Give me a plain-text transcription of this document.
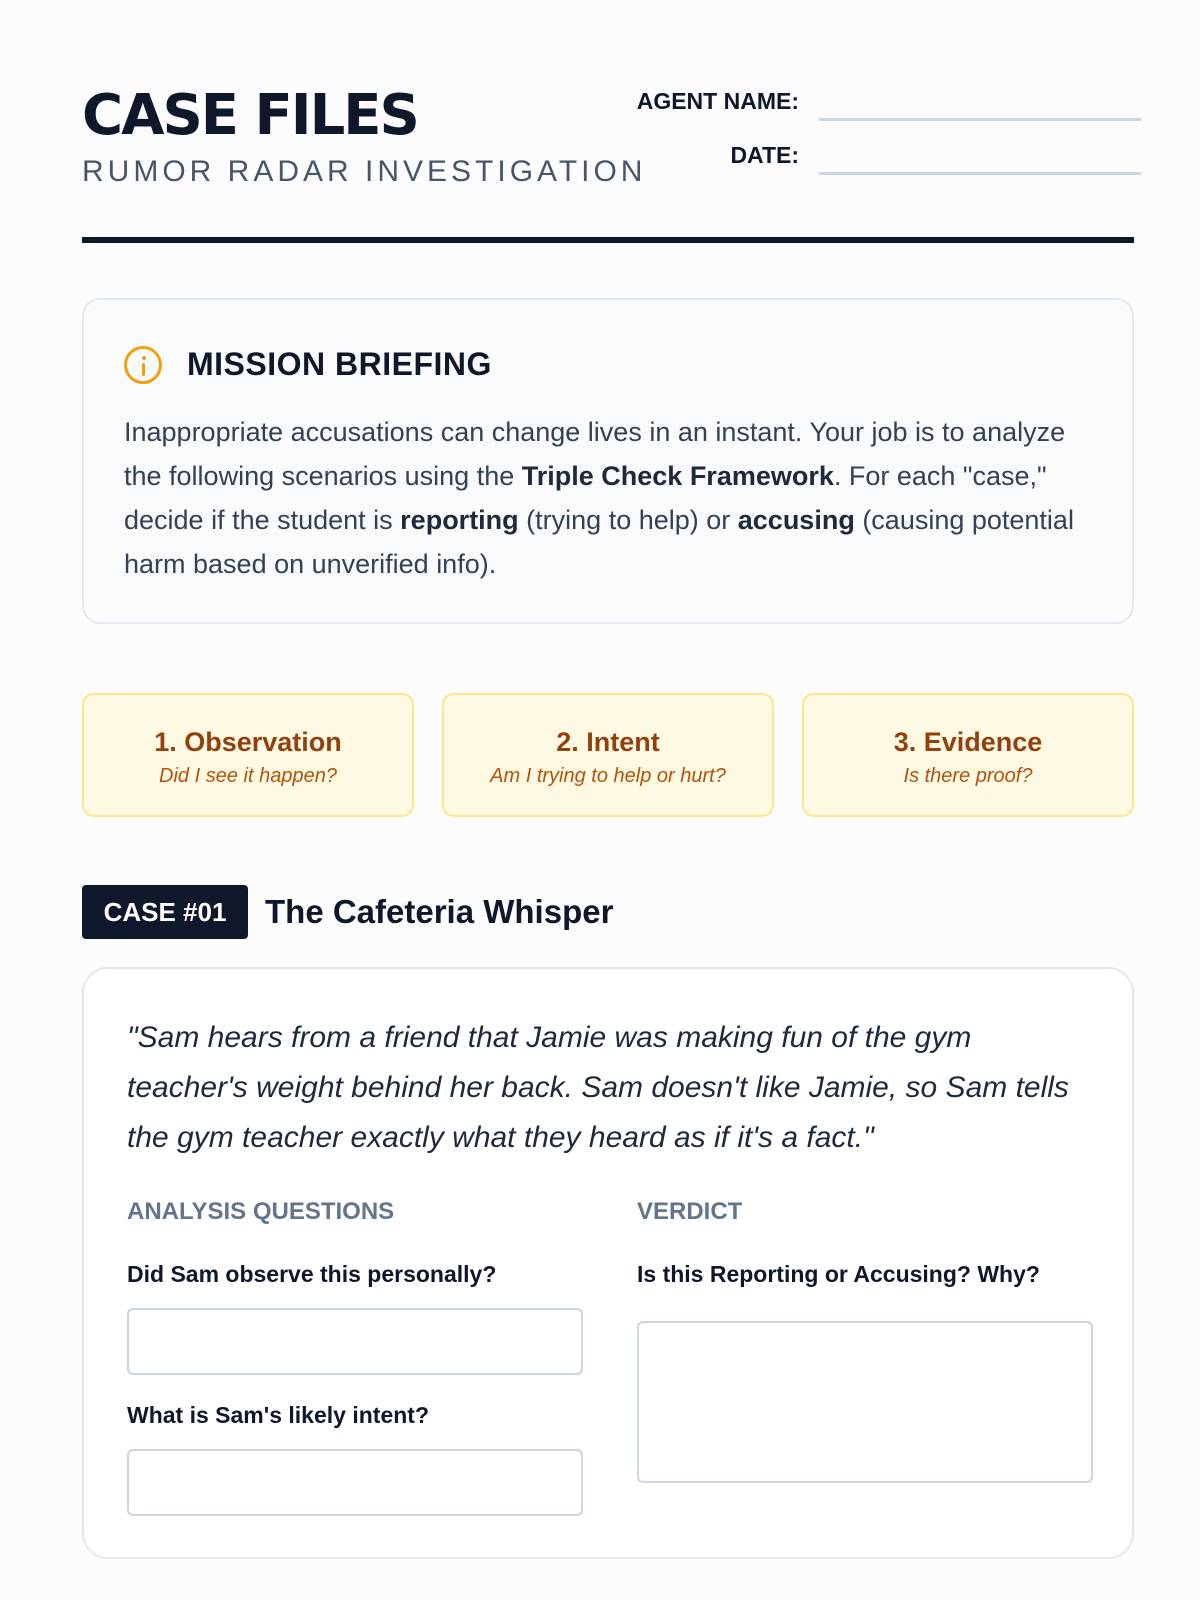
CASE FILES
RUMOR RADAR INVESTIGATION
AGENT NAME:
DATE:
MISSION BRIEFING

Inappropriate accusations can change lives in an instant. Your job is to analyze the following scenarios using the Triple Check Framework. For each "case," decide if the student is reporting (trying to help) or accusing (causing potential harm based on unverified info).

1. Observation
Did I see it happen?
2. Intent
Am I trying to help or hurt?
3. Evidence
Is there proof?
CASE #01	The Cafeteria Whisper

"Sam hears from a friend that Jamie was making fun of the gym teacher's weight behind her back. Sam doesn't like Jamie, so Sam tells the gym teacher exactly what they heard as if it's a fact."

ANALYSIS QUESTIONS	VERDICT
Did Sam observe this personally?
What is Sam's likely intent?
Is this Reporting or Accusing? Why?
